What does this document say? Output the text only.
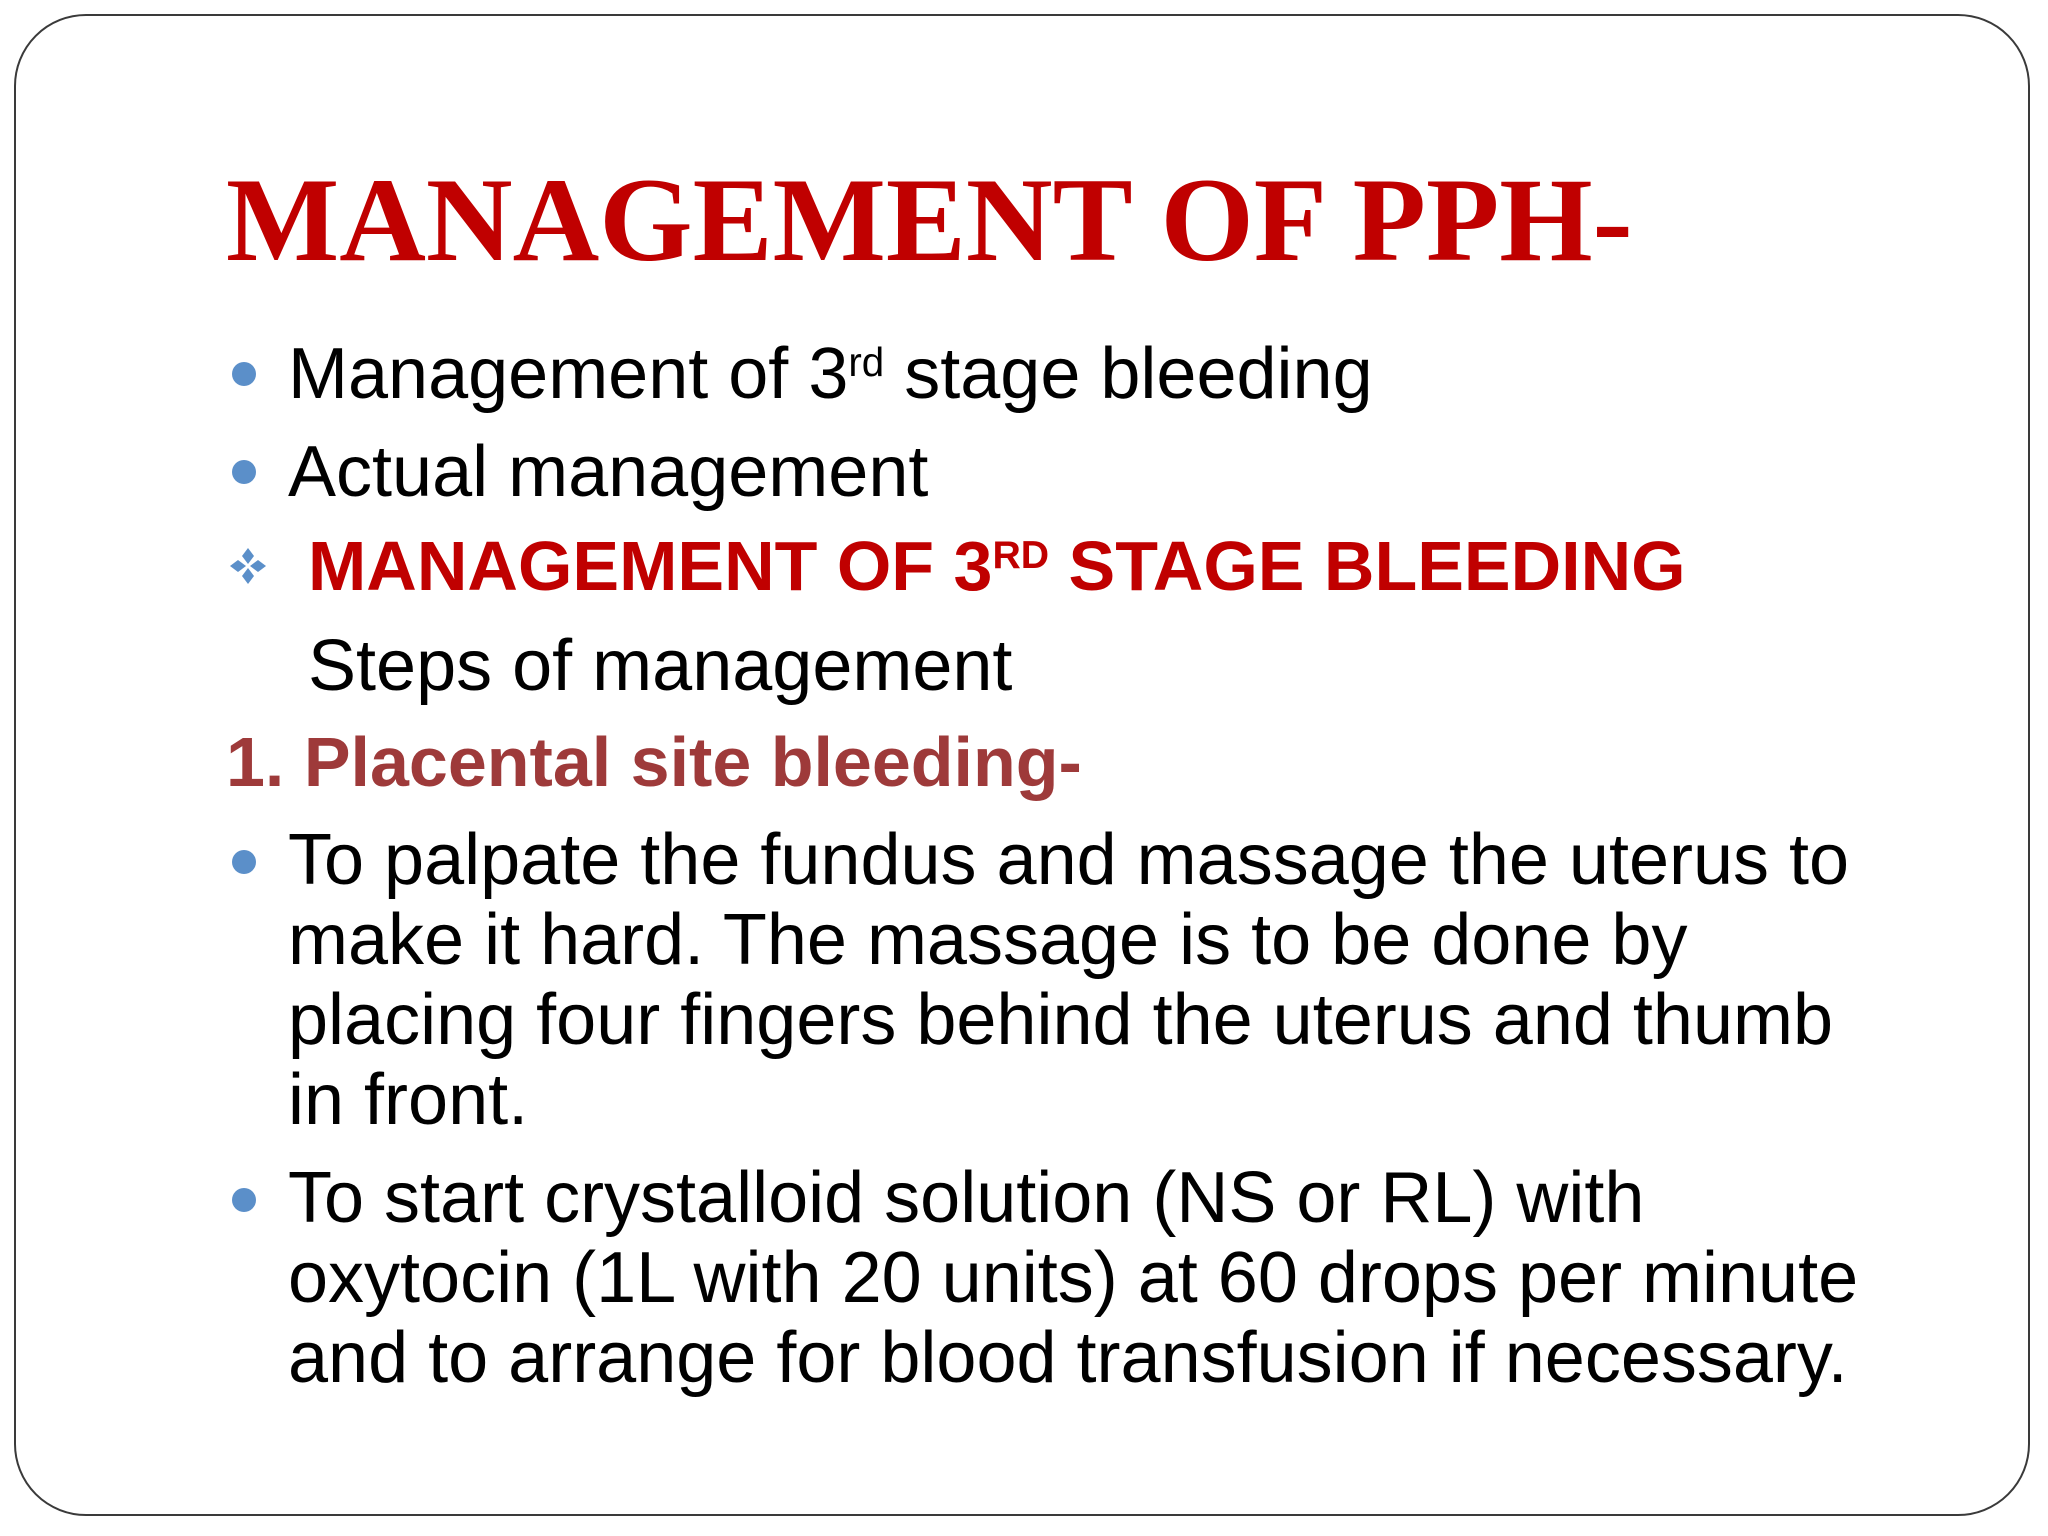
MANAGEMENT OF PPH-
Management of 3rd stage bleeding
Actual management
MANAGEMENT OF 3RD STAGE BLEEDING
Steps of management
1. Placental site bleeding-
To palpate the fundus and massage the uterus to
make it hard. The massage is to be done by
placing four fingers behind the uterus and thumb
in front.
To start crystalloid solution (NS or RL) with
oxytocin (1L with 20 units) at 60 drops per minute
and to arrange for blood transfusion if necessary.
